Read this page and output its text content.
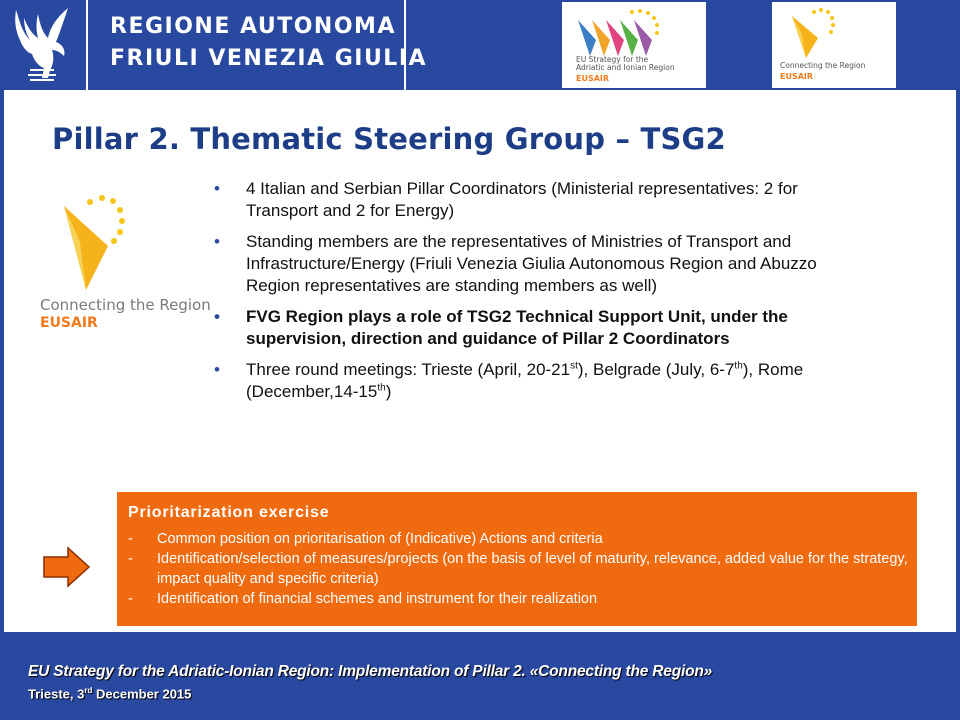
REGIONE AUTONOMA
FRIULI VENEZIA GIULIA	EU Strategy for the
Adriatic and Ionian Region
EUSAIR
Connecting the Region
EUSAIR
Pillar 2. Thematic Steering Group – TSG2
Connecting the Region
EUSAIR
• 4 Italian and Serbian Pillar Coordinators (Ministerial representatives: 2 for Transport and 2 for Energy)
• Standing members are the representatives of Ministries of Transport and Infrastructure/Energy (Friuli Venezia Giulia Autonomous Region and Abuzzo Region representatives are standing members as well)
• FVG Region plays a role of TSG2 Technical Support Unit, under the supervision, direction and guidance of Pillar 2 Coordinators
• Three round meetings: Trieste (April, 20-21st), Belgrade (July, 6-7th), Rome (December,14-15th)
Prioritarization exercise
- Common position on prioritarisation of (Indicative) Actions and criteria
- Identification/selection of measures/projects (on the basis of level of maturity, relevance, added value for the strategy, impact quality and specific criteria)
- Identification of financial schemes and instrument for their realization
EU Strategy for the Adriatic-Ionian Region: Implementation of Pillar 2. «Connecting the Region»
Trieste, 3rd December 2015
